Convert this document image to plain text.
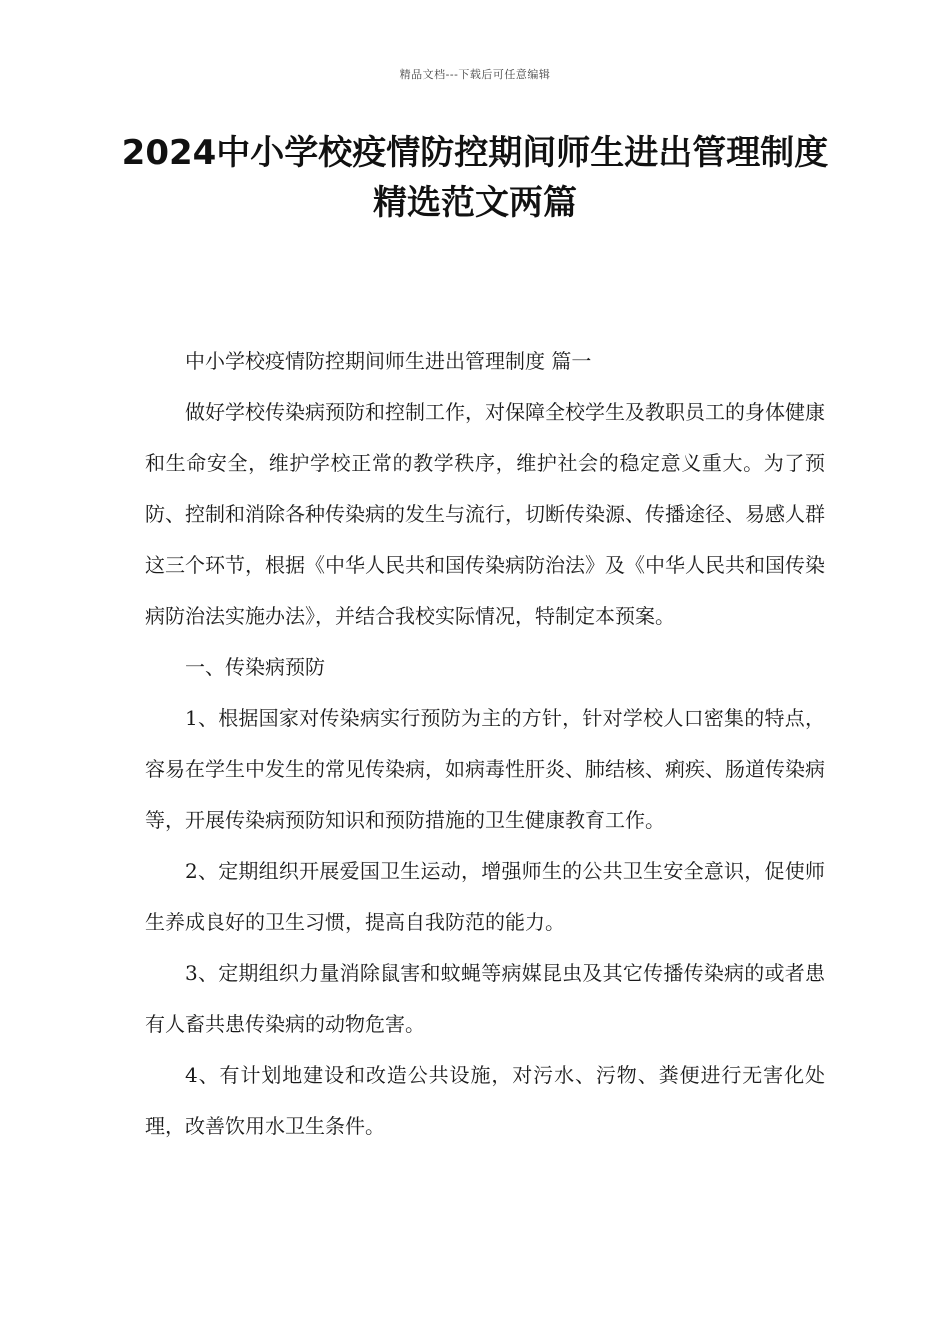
精品文档---下载后可任意编辑
2024中小学校疫情防控期间师生进出管理制度精选范文两篇

中小学校疫情防控期间师生进出管理制度 篇一

做好学校传染病预防和控制工作，对保障全校学生及教职员工的身体健康和生命安全，维护学校正常的教学秩序，维护社会的稳定意义重大。为了预防、控制和消除各种传染病的发生与流行，切断传染源、传播途径、易感人群这三个环节，根据《中华人民共和国传染病防治法》及《中华人民共和国传染病防治法实施办法》，并结合我校实际情况，特制定本预案。

一、传染病预防

1、根据国家对传染病实行预防为主的方针，针对学校人口密集的特点，容易在学生中发生的常见传染病，如病毒性肝炎、肺结核、痢疾、肠道传染病等，开展传染病预防知识和预防措施的卫生健康教育工作。

2、定期组织开展爱国卫生运动，增强师生的公共卫生安全意识，促使师生养成良好的卫生习惯，提高自我防范的能力。

3、定期组织力量消除鼠害和蚊蝇等病媒昆虫及其它传播传染病的或者患有人畜共患传染病的动物危害。

4、有计划地建设和改造公共设施，对污水、污物、粪便进行无害化处理，改善饮用水卫生条件。
